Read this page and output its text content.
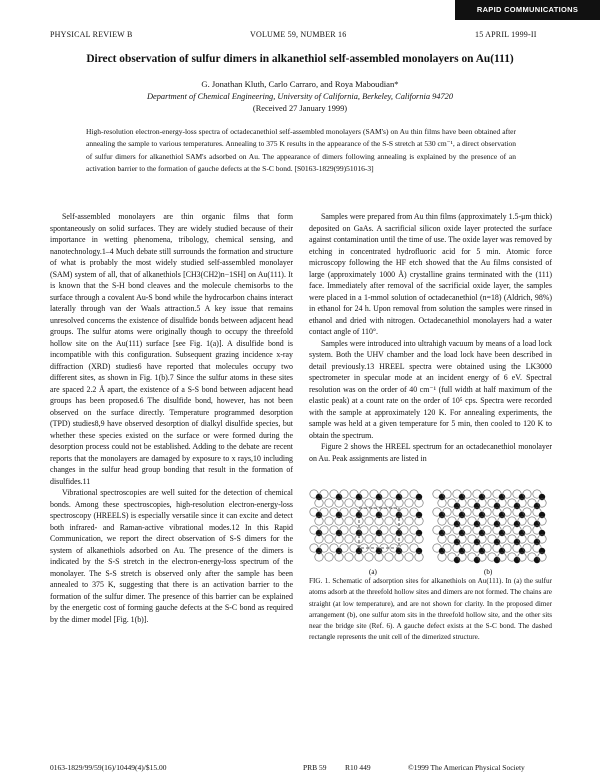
RAPID COMMUNICATIONS
PHYSICAL REVIEW B	VOLUME 59, NUMBER 16	15 APRIL 1999-II
Direct observation of sulfur dimers in alkanethiol self-assembled monolayers on Au(111)
G. Jonathan Kluth, Carlo Carraro, and Roya Maboudian*
Department of Chemical Engineering, University of California, Berkeley, California 94720
(Received 27 January 1999)
High-resolution electron-energy-loss spectra of octadecanethiol self-assembled monolayers (SAM's) on Au thin films have been obtained after annealing the sample to various temperatures. Annealing to 375 K results in the appearance of the S-S stretch at 530 cm⁻¹, a direct observation of sulfur dimers for alkanethiol SAM's adsorbed on Au. The appearance of dimers following annealing is explained by the presence of an activation barrier to the formation of gauche defects at the S-C bond. [S0163-1829(99)51016-3]

Self-assembled monolayers are thin organic films that form spontaneously on solid surfaces. They are widely studied because of their importance in wetting phenomena, tribology, chemical sensing, and nanotechnology.1–4 Much debate still surrounds the formation and structure of what is probably the most widely studied self-assembled monolayer (SAM) system of all, that of alkanethiols [CH3(CH2)n−1SH] on Au(111). It is known that the S-H bond cleaves and the molecule chemisorbs to the surface through a covalent Au-S bond while the hydrocarbon chains interact laterally through van der Waals attraction.5 A key issue that remains unresolved concerns the existence of disulfide bonds between adjacent head groups. The sulfur atoms were originally though to occupy the threefold hollow site on the Au(111) surface [see Fig. 1(a)]. A disulfide bond is incompatible with this configuration. Subsequent grazing incidence x-ray diffraction (XRD) studies6 have reported that molecules occupy two different sites, as shown in Fig. 1(b).7 Since the sulfur atoms in these sites are spaced 2.2 Å apart, the existence of a S-S bond between adjacent head groups has been proposed.6 The disulfide bond, however, has not been observed on the surface directly. Temperature programmed desorption (TPD) studies8,9 have observed desorption of dialkyl disulfide species, but whether these species existed on the surface or were formed during the desorption process could not be established. Adding to the debate are recent reports that the monolayers are damaged by exposure to x rays,10 including changes in the sulfur head group bonding that result in the formation of disulfides.11

Vibrational spectroscopies are well suited for the detection of chemical bonds. Among these spectroscopies, high-resolution electron-energy-loss spectroscopy (HREELS) is especially versatile since it can excite and detect both infrared- and Raman-active vibrational modes.12 In this Rapid Communication, we report the direct observation of S-S dimers for the system of alkanethiols adsorbed on Au. The presence of the dimers is indicated by the S-S stretch in the electron-energy-loss spectrum of the monolayer. The S-S stretch is observed only after the sample has been annealed to 375 K, suggesting that there is an activation barrier to the formation of the sulfur dimer. The presence of this barrier can be explained by the energetic cost of forming gauche defects at the S-C bond as required by the dimer model [Fig. 1(b)].

Samples were prepared from Au thin films (approximately 1.5-μm thick) deposited on GaAs. A sacrificial silicon oxide layer protected the surface against contamination until the time of use. The oxide layer was removed by etching in concentrated hydrofluoric acid for 5 min. Atomic force microscopy following the HF etch showed that the Au films consisted of large (approximately 1000 Å) crystalline grains terminated with the (111) face. Immediately after removal of the sacrificial oxide layer, the samples were placed in a 1-mmol solution of octadecanethiol (n=18) (Aldrich, 98%) in ethanol for 24 h. Upon removal from solution the samples were rinsed in ethanol and dried with nitrogen. Octadecanethiol monolayers had a water contact angle of 110°.

Samples were introduced into ultrahigh vacuum by means of a load lock system. Both the UHV chamber and the load lock have been described in detail previously.13 HREEL spectra were obtained using the LK3000 spectrometer in specular mode at an incident energy of 6 eV. Spectral resolution was on the order of 40 cm⁻¹ (full width at half maximum of the elastic peak) at a count rate on the order of 10⁵ cps. Spectra were recorded with the sample at approximately 120 K. For annealing experiments, the sample was held at a given temperature for 5 min, then cooled to 120 K to obtain the spectrum.

Figure 2 shows the HREEL spectrum for an octadecanethiol monolayer on Au. Peak assignments are listed in

(a)	(b)
FIG. 1. Schematic of adsorption sites for alkanethiols on Au(111). In (a) the sulfur atoms adsorb at the threefold hollow sites and dimers are not formed. The chains are straight (at low temperature), and are not shown for clarity. In the proposed dimer arrangement (b), one sulfur atom sits in the threefold hollow site, and the other sits near the bridge site (Ref. 6). A gauche defect exists at the S-C bond. The dashed rectangle represents the unit cell of the dimerized structure.
0163-1829/99/59(16)/10449(4)/$15.00	PRB 59 R10 449	©1999 The American Physical Society
